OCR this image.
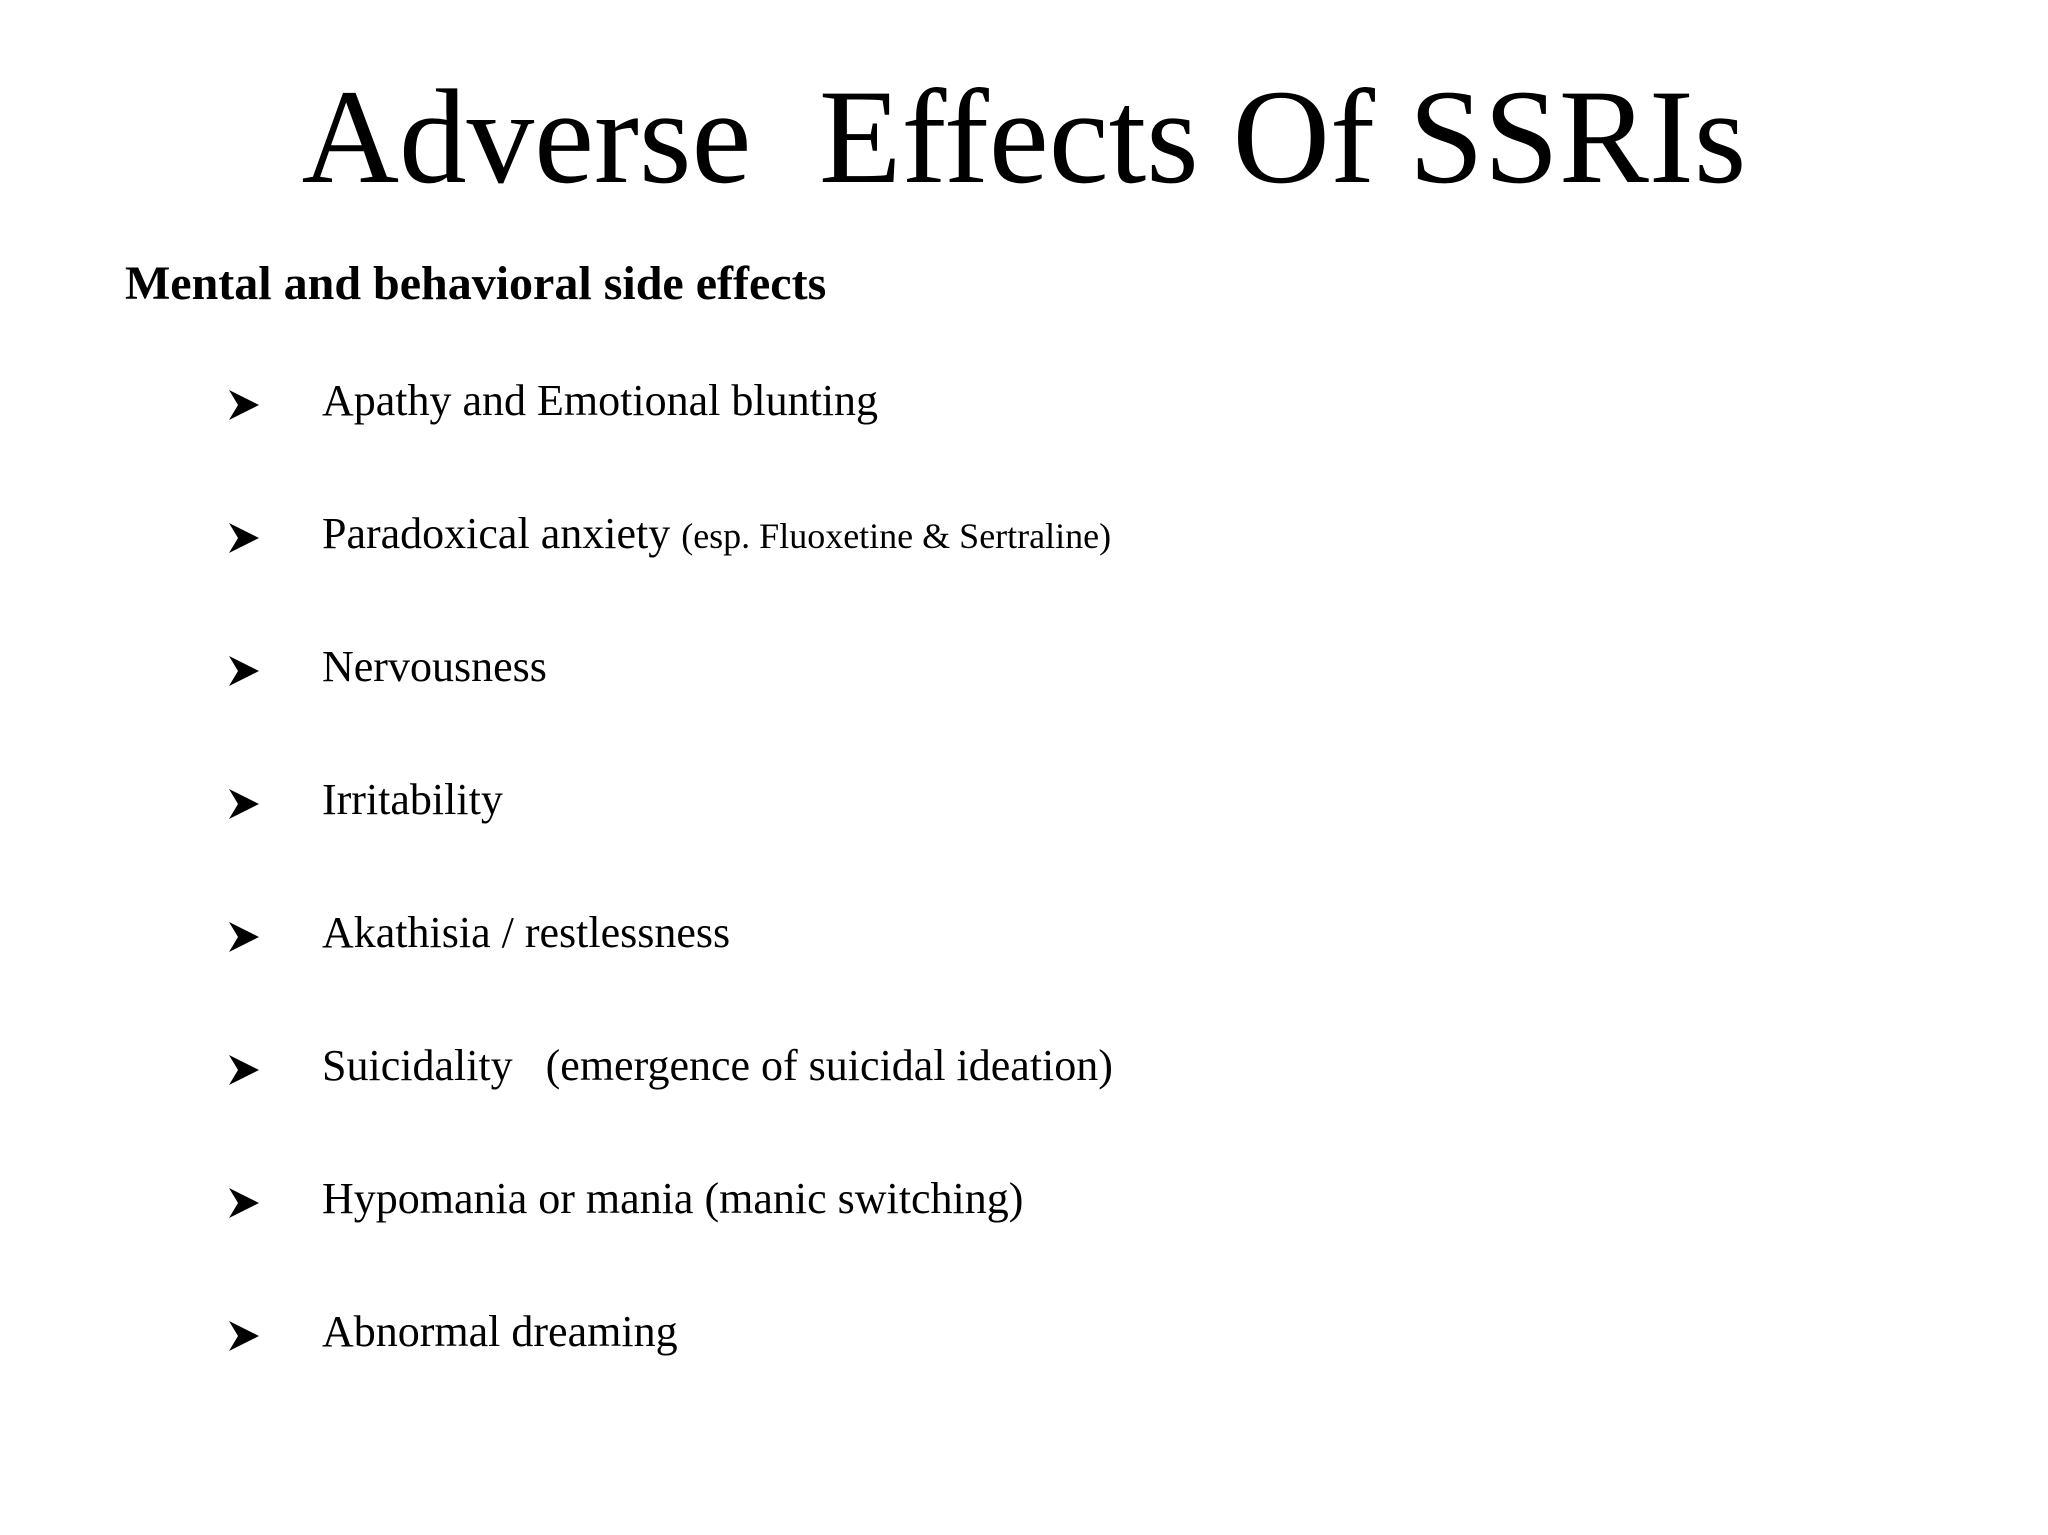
Adverse  Effects Of SSRIs

Mental and behavioral side effects

Apathy and Emotional blunting
Paradoxical anxiety (esp. Fluoxetine & Sertraline)
Nervousness
Irritability
Akathisia / restlessness
Suicidality   (emergence of suicidal ideation)
Hypomania or mania (manic switching)
Abnormal dreaming
